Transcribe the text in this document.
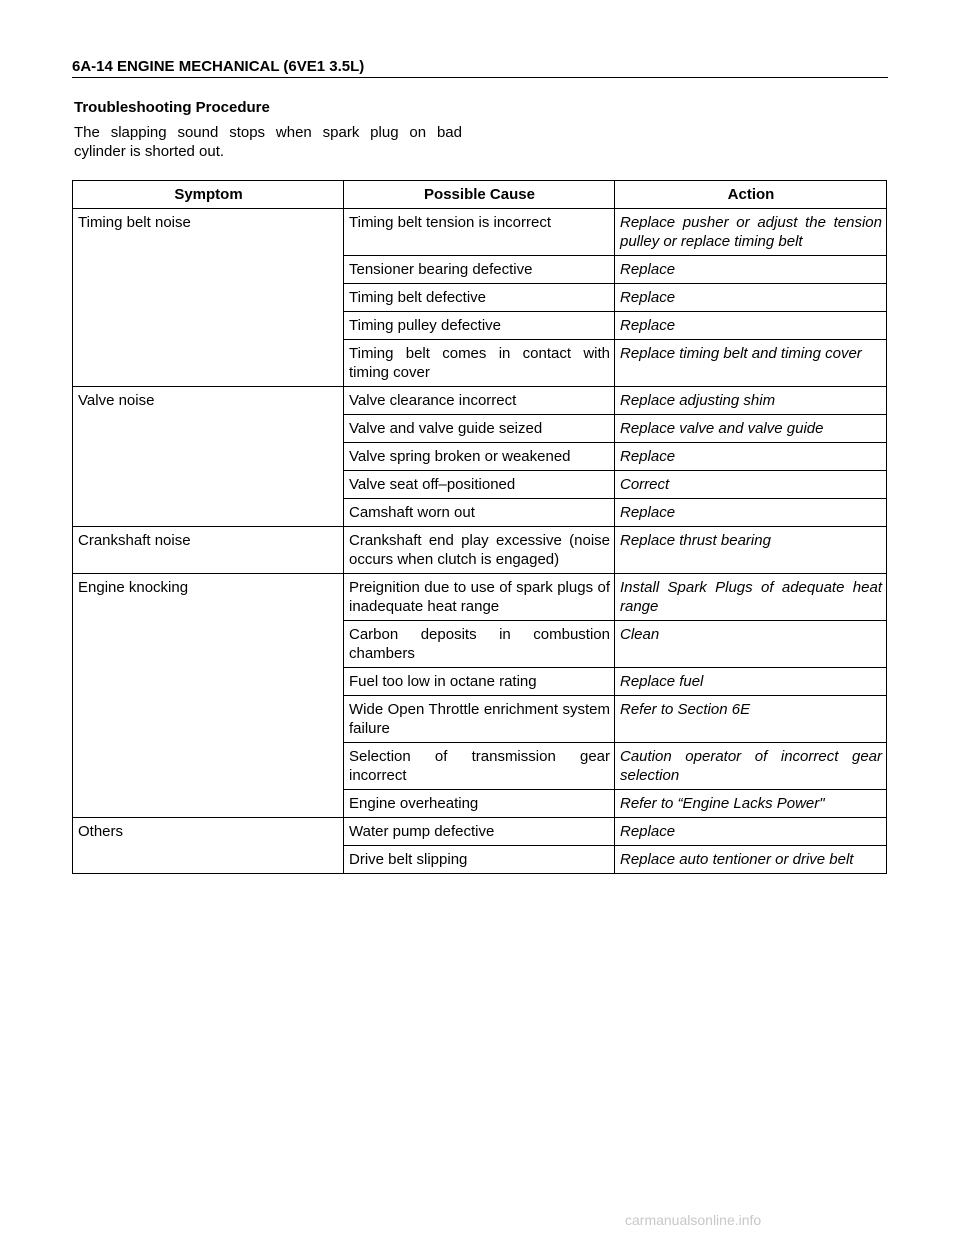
6A-14 ENGINE MECHANICAL (6VE1 3.5L)
Troubleshooting Procedure
The slapping sound stops when spark plug on bad cylinder is shorted out.
Symptom	Possible Cause	Action
Timing belt noise	Timing belt tension is incorrect	Replace pusher or adjust the tension pulley or replace timing belt
	Tensioner bearing defective	Replace
	Timing belt defective	Replace
	Timing pulley defective	Replace
	Timing belt comes in contact with timing cover	Replace timing belt and timing cover
Valve noise	Valve clearance incorrect	Replace adjusting shim
	Valve and valve guide seized	Replace valve and valve guide
	Valve spring broken or weakened	Replace
	Valve seat off–positioned	Correct
	Camshaft worn out	Replace
Crankshaft noise	Crankshaft end play excessive (noise occurs when clutch is engaged)	Replace thrust bearing
Engine knocking	Preignition due to use of spark plugs of inadequate heat range	Install Spark Plugs of adequate heat range
	Carbon deposits in combustion chambers	Clean
	Fuel too low in octane rating	Replace fuel
	Wide Open Throttle enrichment system failure	Refer to Section 6E
	Selection of transmission gear incorrect	Caution operator of incorrect gear selection
	Engine overheating	Refer to “Engine Lacks Power"
Others	Water pump defective	Replace
	Drive belt slipping	Replace auto tentioner or drive belt
carmanualsonline.info
